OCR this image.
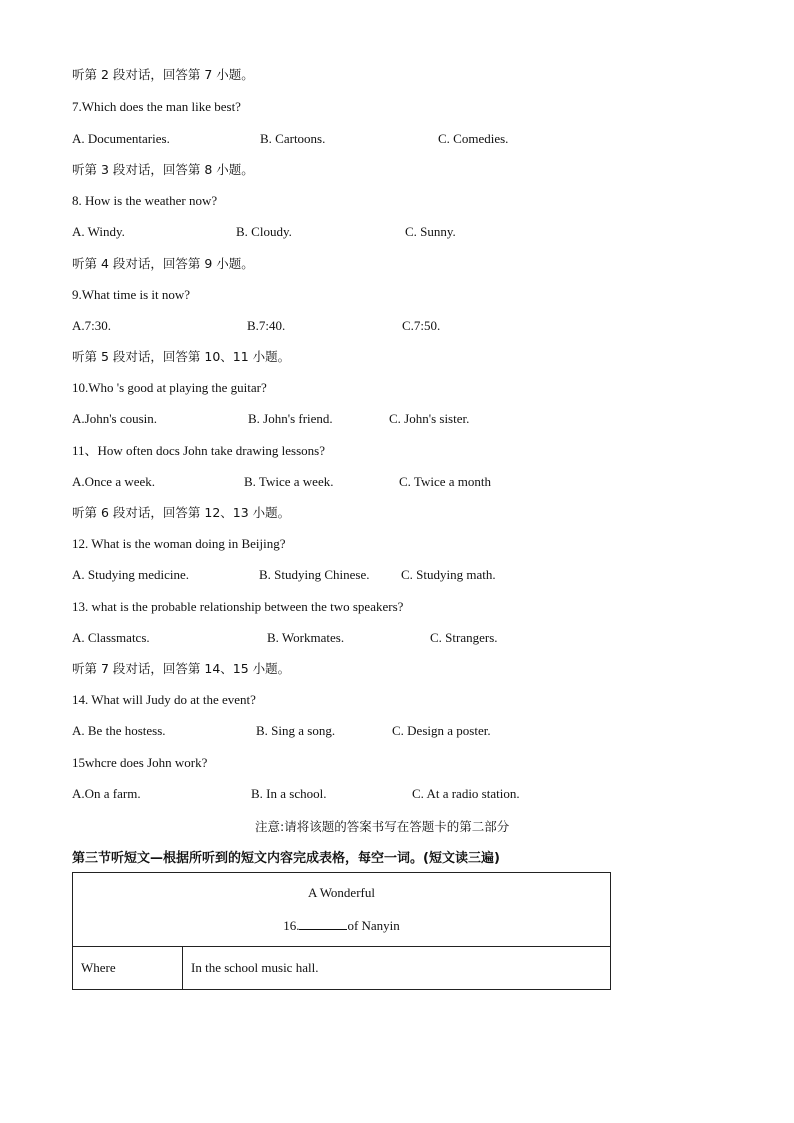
听第 2 段对话，回答第 7 小题。
7.Which does the man like best?
A. Documentaries.	B. Cartoons.	C. Comedies.
听第 3 段对话，回答第 8 小题。
8. How is the weather now?
A. Windy.	B. Cloudy.	C. Sunny.
听第 4 段对话，回答第 9 小题。
9.What time is it now?
A.7:30.	B.7:40.	C.7:50.
听第 5 段对话，回答第 10、11 小题。
10.Who 's good at playing the guitar?
A.John's cousin.	B. John's friend.	C. John's sister.
11、How often docs John take drawing lessons?
A.Once a week.	B. Twice a week.	C. Twice a month
听第 6 段对话，回答第 12、13 小题。
12. What is the woman doing in Beijing?
A. Studying medicine.	B. Studying Chinese. C. Studying math.
13. what is the probable relationship between the two speakers?
A. Classmatcs.	B. Workmates.	C. Strangers.
听第 7 段对话，回答第 14、15 小题。
14. What will Judy do at the event?
A. Be the hostess.	B. Sing a song.	C. Design a poster.
15whcre does John work?
A.On a farm.	B. In a school.	C. At a radio station.
注意:请将该题的答案书写在答题卡的第二部分
第三节听短文—根据所听到的短文内容完成表格，每空一词。(短文读三遍)
A Wonderful
16.	of Nanyin

Where	In the school music hall.
